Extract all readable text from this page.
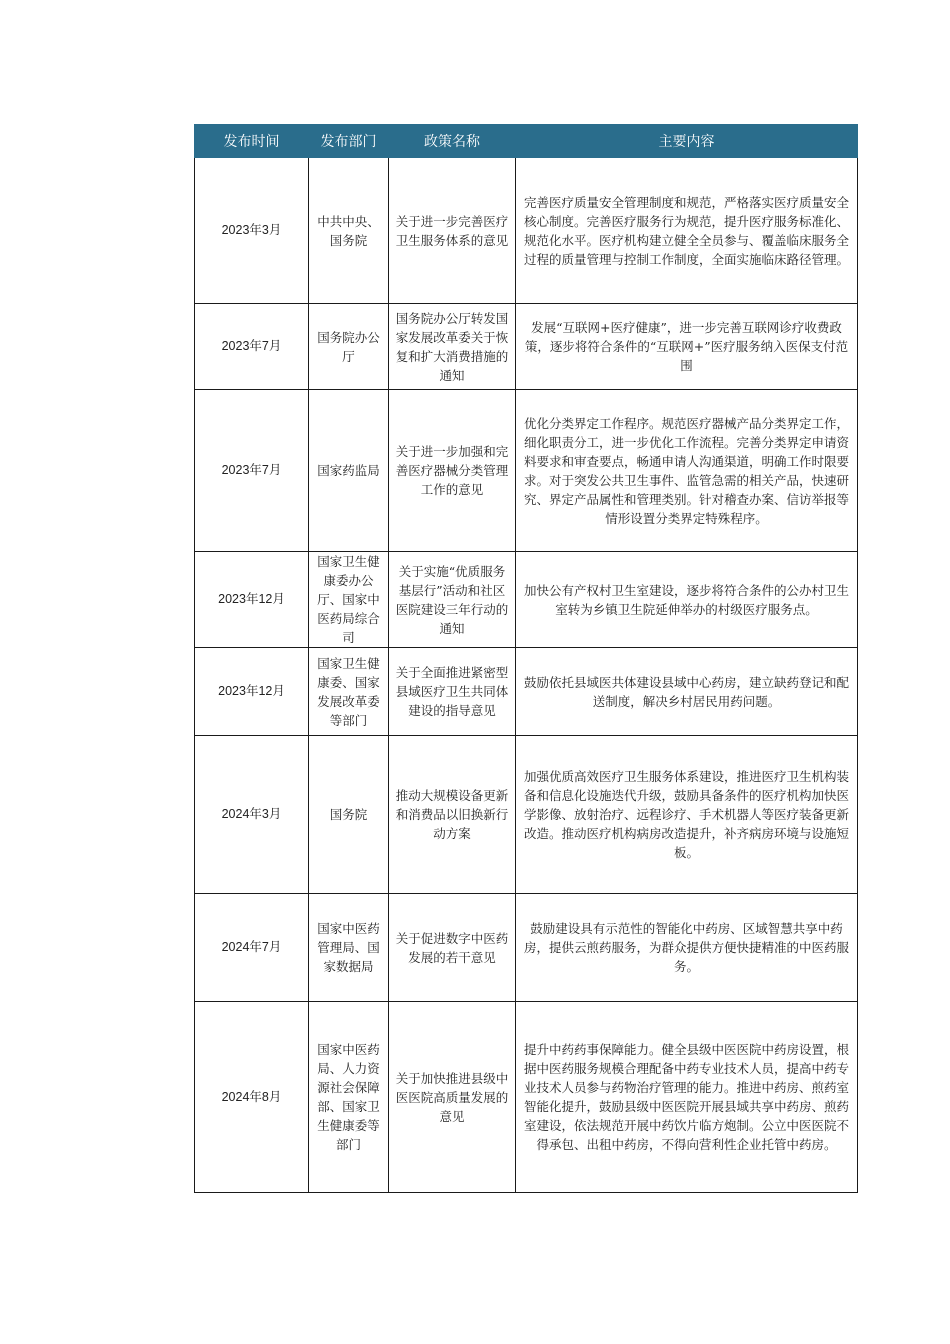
发布时间	发布部门	政策名称	主要内容
2023年3月	中共中央、国务院	关于进一步完善医疗卫生服务体系的意见	完善医疗质量安全管理制度和规范，严格落实医疗质量安全核心制度。完善医疗服务行为规范，提升医疗服务标准化、规范化水平。医疗机构建立健全全员参与、覆盖临床服务全过程的质量管理与控制工作制度，全面实施临床路径管理。
2023年7月	国务院办公厅	国务院办公厅转发国家发展改革委关于恢复和扩大消费措施的通知	发展“互联网+医疗健康”，进一步完善互联网诊疗收费政策，逐步将符合条件的“互联网+”医疗服务纳入医保支付范围
2023年7月	国家药监局	关于进一步加强和完善医疗器械分类管理工作的意见	优化分类界定工作程序。规范医疗器械产品分类界定工作，细化职责分工，进一步优化工作流程。完善分类界定申请资料要求和审查要点，畅通申请人沟通渠道，明确工作时限要求。对于突发公共卫生事件、监管急需的相关产品，快速研究、界定产品属性和管理类别。针对稽查办案、信访举报等情形设置分类界定特殊程序。
2023年12月	国家卫生健康委办公厅、国家中医药局综合司	关于实施“优质服务基层行”活动和社区医院建设三年行动的通知	加快公有产权村卫生室建设，逐步将符合条件的公办村卫生室转为乡镇卫生院延伸举办的村级医疗服务点。
2023年12月	国家卫生健康委、国家发展改革委等部门	关于全面推进紧密型县域医疗卫生共同体建设的指导意见	鼓励依托县域医共体建设县域中心药房，建立缺药登记和配送制度，解决乡村居民用药问题。
2024年3月	国务院	推动大规模设备更新和消费品以旧换新行动方案	加强优质高效医疗卫生服务体系建设，推进医疗卫生机构装备和信息化设施迭代升级，鼓励具备条件的医疗机构加快医学影像、放射治疗、远程诊疗、手术机器人等医疗装备更新改造。推动医疗机构病房改造提升，补齐病房环境与设施短板。
2024年7月	国家中医药管理局、国家数据局	关于促进数字中医药发展的若干意见	鼓励建设具有示范性的智能化中药房、区域智慧共享中药房，提供云煎药服务，为群众提供方便快捷精准的中医药服务。
2024年8月	国家中医药局、人力资源社会保障部、国家卫生健康委等部门	关于加快推进县级中医医院高质量发展的意见	提升中药药事保障能力。健全县级中医医院中药房设置，根据中医药服务规模合理配备中药专业技术人员，提高中药专业技术人员参与药物治疗管理的能力。推进中药房、煎药室智能化提升，鼓励县级中医医院开展县域共享中药房、煎药室建设，依法规范开展中药饮片临方炮制。公立中医医院不得承包、出租中药房，不得向营利性企业托管中药房。
